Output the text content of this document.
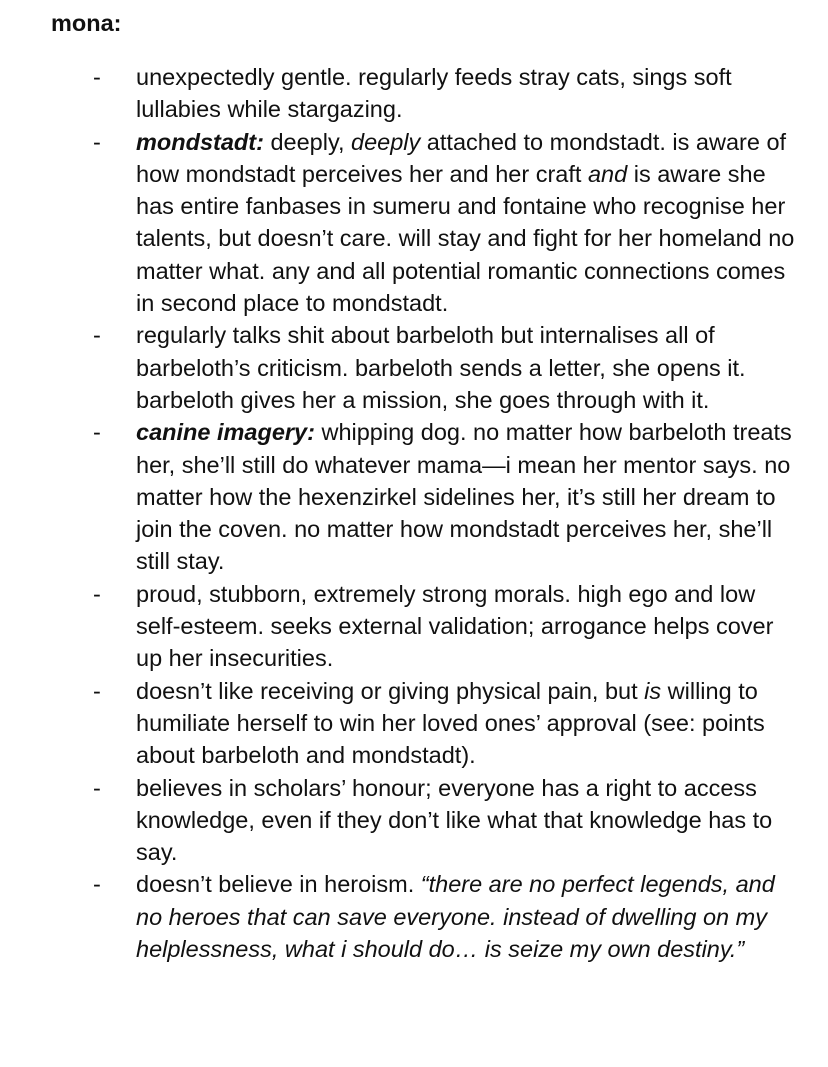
mona:
- unexpectedly gentle. regularly feeds stray cats, sings soft lullabies while stargazing.
- mondstadt: deeply, deeply attached to mondstadt. is aware of how mondstadt perceives her and her craft and is aware she has entire fanbases in sumeru and fontaine who recognise her talents, but doesn’t care. will stay and fight for her homeland no matter what. any and all potential romantic connections comes in second place to mondstadt.
- regularly talks shit about barbeloth but internalises all of barbeloth’s criticism. barbeloth sends a letter, she opens it. barbeloth gives her a mission, she goes through with it.
- canine imagery: whipping dog. no matter how barbeloth treats her, she’ll still do whatever mama—i mean her mentor says. no matter how the hexenzirkel sidelines her, it’s still her dream to join the coven. no matter how mondstadt perceives her, she’ll still stay.
- proud, stubborn, extremely strong morals. high ego and low self-esteem. seeks external validation; arrogance helps cover up her insecurities.
- doesn’t like receiving or giving physical pain, but is willing to humiliate herself to win her loved ones’ approval (see: points about barbeloth and mondstadt).
- believes in scholars’ honour; everyone has a right to access knowledge, even if they don’t like what that knowledge has to say.
- doesn’t believe in heroism. “there are no perfect legends, and no heroes that can save everyone. instead of dwelling on my helplessness, what i should do… is seize my own destiny.”
